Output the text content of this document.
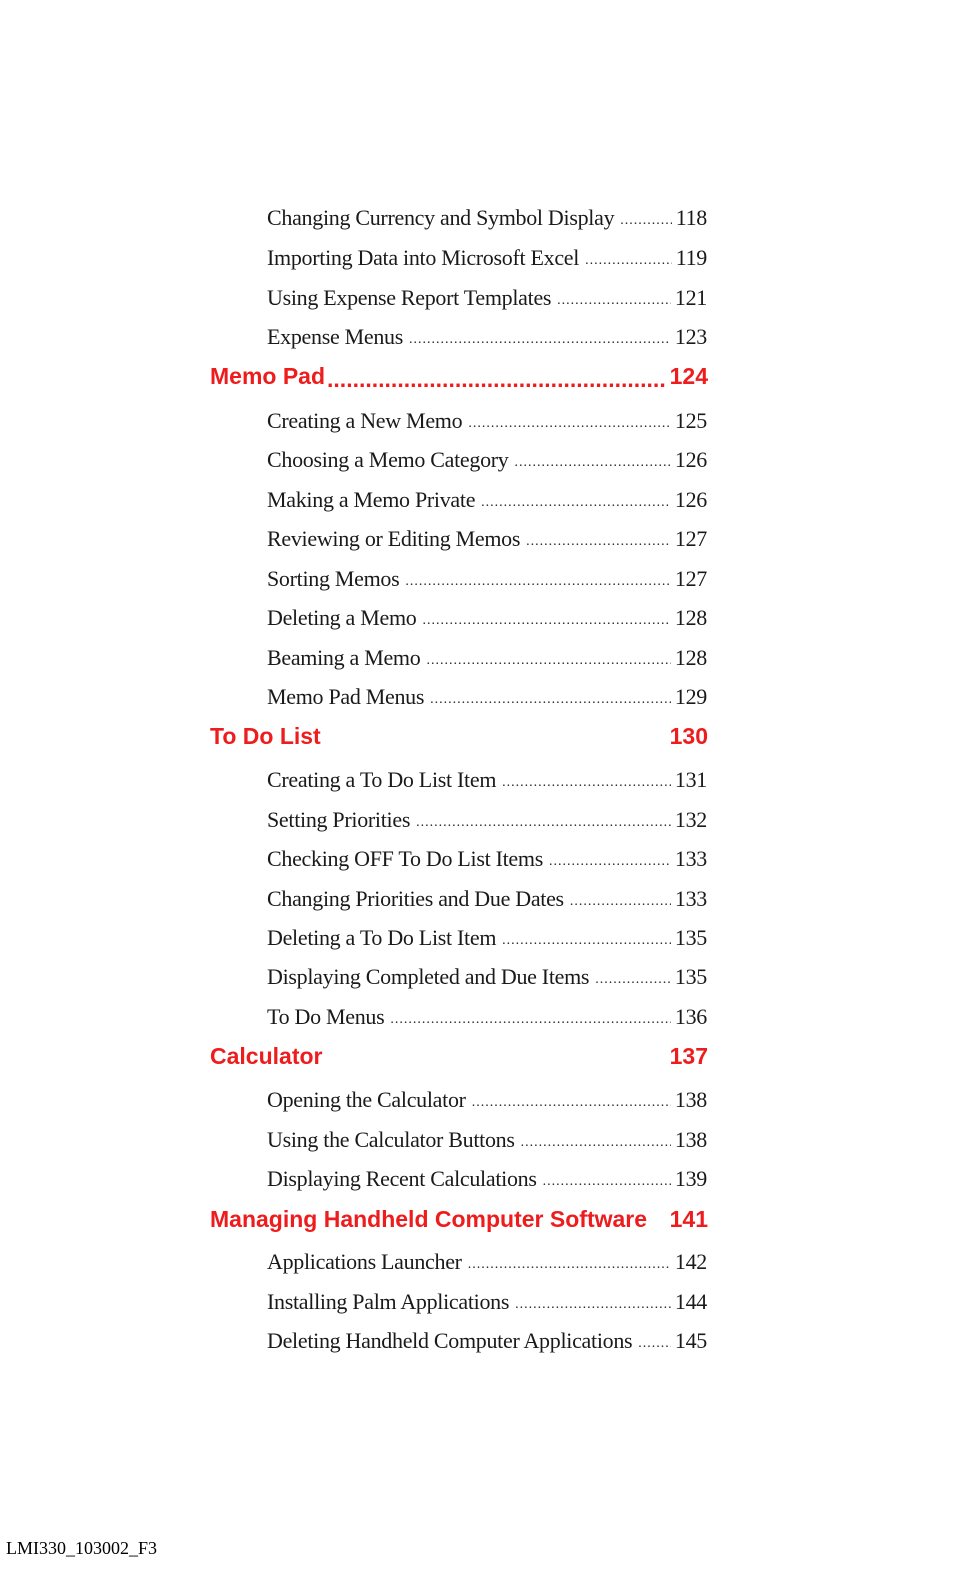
Changing Currency and Symbol Display .....	118
Importing Data into Microsoft Excel .....	119
Using Expense Report Templates .....	121
Expense Menus .....	123
Memo Pad .....	124
Creating a New Memo .....	125
Choosing a Memo Category .....	126
Making a Memo Private .....	126
Reviewing or Editing Memos .....	127
Sorting Memos .....	127
Deleting a Memo .....	128
Beaming a Memo .....	128
Memo Pad Menus .....	129
To Do List	130
Creating a To Do List Item .....	131
Setting Priorities .....	132
Checking OFF To Do List Items .....	133
Changing Priorities and Due Dates .....	133
Deleting a To Do List Item .....	135
Displaying Completed and Due Items .....	135
To Do Menus .....	136
Calculator	137
Opening the Calculator .....	138
Using the Calculator Buttons .....	138
Displaying Recent Calculations .....	139
Managing Handheld Computer Software 141
Applications Launcher .....	142
Installing Palm Applications .....	144
Deleting Handheld Computer Applications ..... 145
LMI330_103002_F3
